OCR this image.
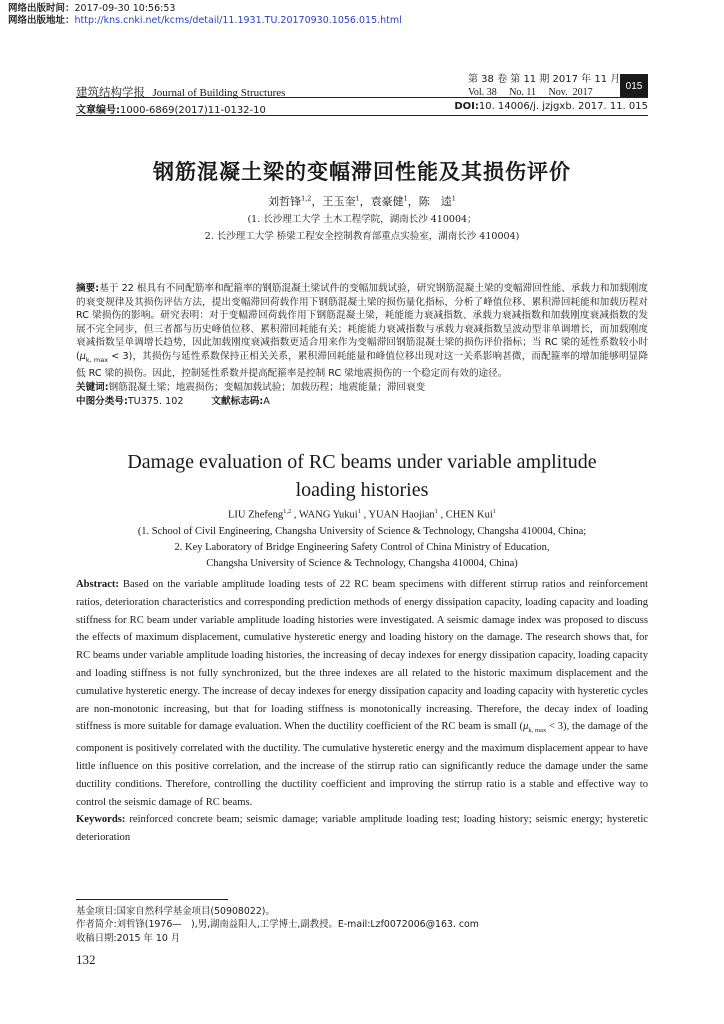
网络出版时间：2017-09-30 10:56:53
网络出版地址：http://kns.cnki.net/kcms/detail/11.1931.TU.20170930.1056.015.html
建筑结构学报 Journal of Building Structures
第 38 卷 第 11 期 2017 年 11 月
Vol. 38     No. 11     Nov.  2017
015
文章编号:1000-6869(2017)11-0132-10	DOI:10. 14006/j. jzjgxb. 2017. 11. 015
钢筋混凝土梁的变幅滞回性能及其损伤评价
刘哲锋$^{1,2}$，王玉奎$^1$，袁豪健$^1$，陈　逵$^1$
(1. 长沙理工大学 土木工程学院，湖南长沙 410004；
2. 长沙理工大学 桥梁工程安全控制教育部重点实验室，湖南长沙 410004)
摘要:基于 22 根具有不同配筋率和配箍率的钢筋混凝土梁试件的变幅加载试验，研究钢筋混凝土梁的变幅滞回性能、承载力和加载刚度的衰变规律及其损伤评估方法，提出变幅滞回荷载作用下钢筋混凝土梁的损伤量化指标，分析了峰值位移、累积滞回耗能和加载历程对 RC 梁损伤的影响。研究表明：对于变幅滞回荷载作用下钢筋混凝土梁，耗能能力衰减指数、承载力衰减指数和加载刚度衰减指数的发展不完全同步，但三者都与历史峰值位移、累积滞回耗能有关；耗能能力衰减指数与承载力衰减指数呈波动型非单调增长，而加载刚度衰减指数呈单调增长趋势，因此加载刚度衰减指数更适合用来作为变幅滞回钢筋混凝土梁的损伤评价指标；当 RC 梁的延性系数较小时$(\mu_{k, max} < 3)$，其损伤与延性系数保持正相关关系，累积滞回耗能量和峰值位移出现对这一关系影响甚微，而配箍率的增加能够明显降低 RC 梁的损伤。因此，控制延性系数并提高配箍率是控制 RC 梁地震损伤的一个稳定而有效的途径。
关键词:钢筋混凝土梁；地震损伤；变幅加载试验；加载历程；地震能量；滞回衰变
中图分类号:TU375. 102	文献标志码:A
Damage evaluation of RC beams under variable amplitude
loading histories
LIU Zhefeng$^{1,2}$ , WANG Yukui$^1$ , YUAN Haojian$^1$ , CHEN Kui$^1$
(1. School of Civil Engineering, Changsha University of Science & Technology, Changsha 410004, China;
2. Key Laboratory of Bridge Engineering Safety Control of China Ministry of Education,
Changsha University of Science & Technology, Changsha 410004, China)
Abstract: Based on the variable amplitude loading tests of 22 RC beam specimens with different stirrup ratios and reinforcement ratios, deterioration characteristics and corresponding prediction methods of energy dissipation capacity, loading capacity and loading stiffness for RC beam under variable amplitude loading histories were investigated. A seismic damage index was proposed to discuss the effects of maximum displacement, cumulative hysteretic energy and loading history on the damage. The research shows that, for RC beams under variable amplitude loading histories, the increasing of decay indexes for energy dissipation capacity, loading capacity and loading stiffness is not fully synchronized, but the three indexes are all related to the historic maximum displacement and the cumulative hysteretic energy. The increase of decay indexes for energy dissipation capacity and loading capacity with hysteretic cycles are non-monotonic increasing, but that for loading stiffness is monotonically increasing. Therefore, the decay index of loading stiffness is more suitable for damage evaluation. When the ductility coefficient of the RC beam is small $(\mu_{k, max} < 3)$, the damage of the component is positively correlated with the ductility. The cumulative hysteretic energy and the maximum displacement appear to have little influence on this positive correlation, and the increase of the stirrup ratio can significantly reduce the damage under the same ductility conditions. Therefore, controlling the ductility coefficient and improving the stirrup ratio is a stable and effective way to control the seismic damage of RC beams.
Keywords: reinforced concrete beam; seismic damage; variable amplitude loading test; loading history; seismic energy; hysteretic deterioration
基金项目:国家自然科学基金项目(50908022)。
作者简介:刘哲锋(1976—　),男,湖南益阳人,工学博士,副教授。E-mail:Lzf0072006@163. com
收稿日期:2015 年 10 月
132
